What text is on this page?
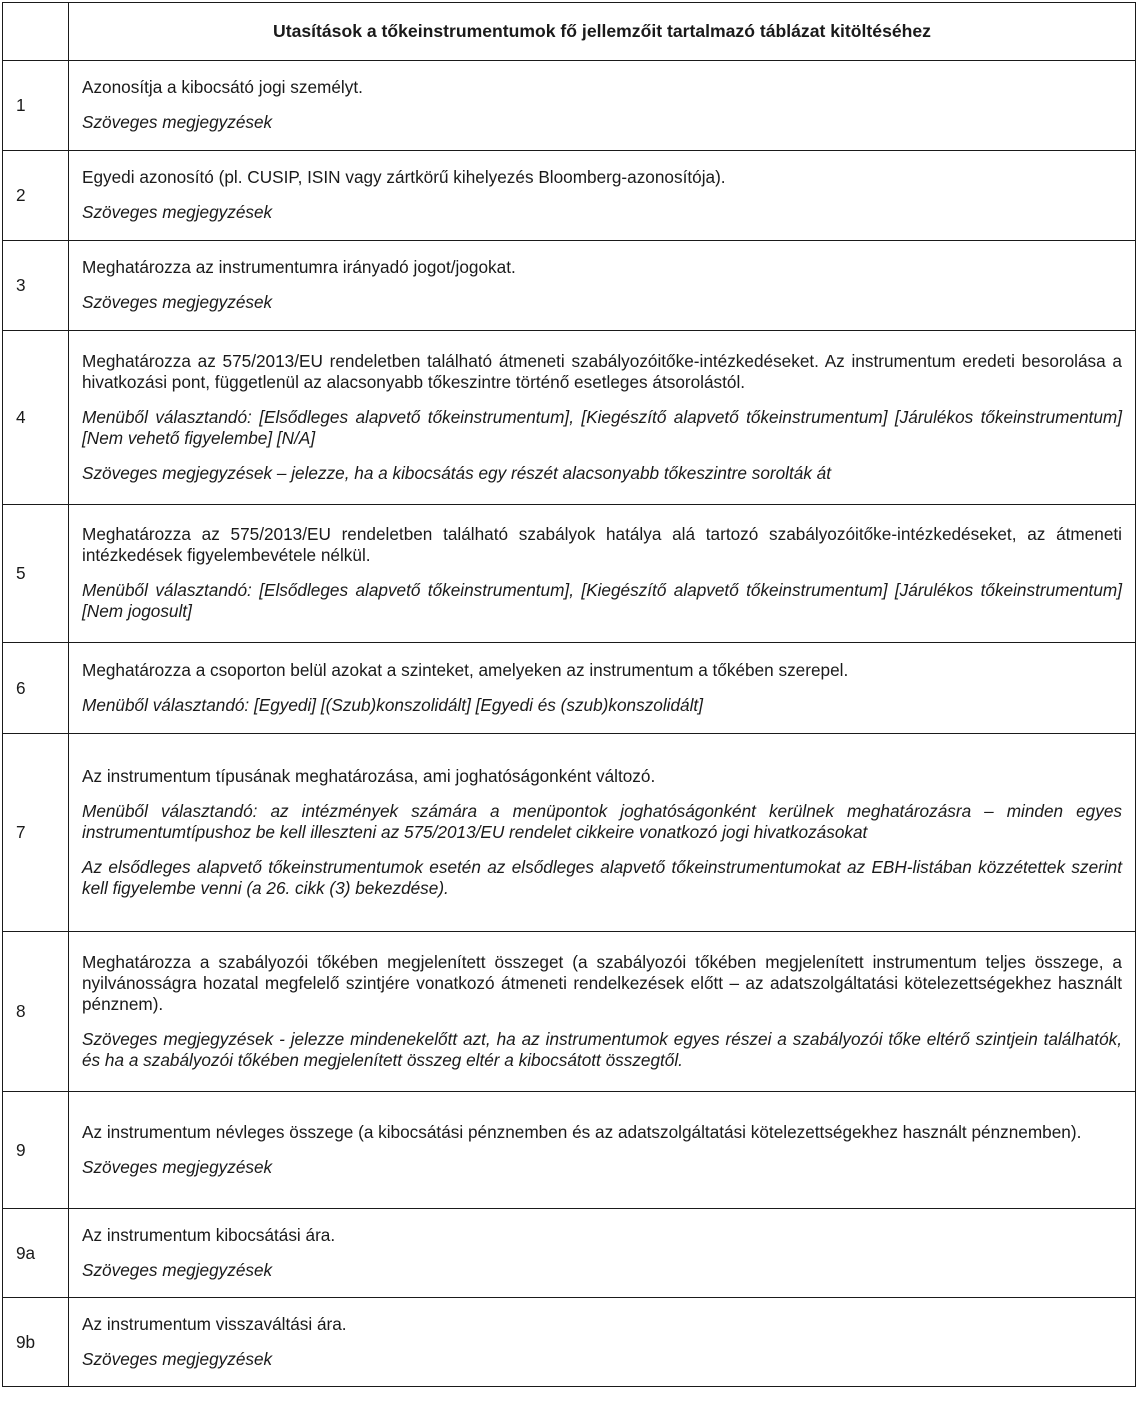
	Utasítások a tőkeinstrumentumok fő jellemzőit tartalmazó táblázat kitöltéséhez
1	Azonosítja a kibocsátó jogi személyt.

Szöveges megjegyzések

2	Egyedi azonosító (pl. CUSIP, ISIN vagy zártkörű kihelyezés Bloomberg-azonosítója).

Szöveges megjegyzések

3	Meghatározza az instrumentumra irányadó jogot/jogokat.

Szöveges megjegyzések

4	Meghatározza az 575/2013/EU rendeletben található átmeneti szabályozóitőke-intézkedéseket. Az instrumentum eredeti besorolása a hivatkozási pont, függetlenül az alacsonyabb tőkeszintre történő esetleges átsorolástól.

Menüből választandó: [Elsődleges alapvető tőkeinstrumentum], [Kiegészítő alapvető tőkeinstrumentum] [Járulékos tőkeinstrumentum] [Nem vehető figyelembe] [N/A]

Szöveges megjegyzések – jelezze, ha a kibocsátás egy részét alacsonyabb tőkeszintre sorolták át

5	Meghatározza az 575/2013/EU rendeletben található szabályok hatálya alá tartozó szabályozóitőke-intézkedéseket, az átmeneti intézkedések figyelembevétele nélkül.

Menüből választandó: [Elsődleges alapvető tőkeinstrumentum], [Kiegészítő alapvető tőkeinstrumentum] [Járulékos tőkeinstrumentum] [Nem jogosult]

6	Meghatározza a csoporton belül azokat a szinteket, amelyeken az instrumentum a tőkében szerepel.

Menüből választandó: [Egyedi] [(Szub)konszolidált] [Egyedi és (szub)konszolidált]

7	Az instrumentum típusának meghatározása, ami joghatóságonként változó.

Menüből választandó: az intézmények számára a menüpontok joghatóságonként kerülnek meghatározásra – minden egyes instrumentumtípushoz be kell illeszteni az 575/2013/EU rendelet cikkeire vonatkozó jogi hivatkozásokat

Az elsődleges alapvető tőkeinstrumentumok esetén az elsődleges alapvető tőkeinstrumentumokat az EBH-listában közzétettek szerint kell figyelembe venni (a 26. cikk (3) bekezdése).

8	Meghatározza a szabályozói tőkében megjelenített összeget (a szabályozói tőkében megjelenített instrumentum teljes összege, a nyilvánosságra hozatal megfelelő szintjére vonatkozó átmeneti rendelkezések előtt – az adatszolgáltatási kötelezettségekhez használt pénznem).

Szöveges megjegyzések - jelezze mindenekelőtt azt, ha az instrumentumok egyes részei a szabályozói tőke eltérő szintjein találhatók, és ha a szabályozói tőkében megjelenített összeg eltér a kibocsátott összegtől.

9	Az instrumentum névleges összege (a kibocsátási pénznemben és az adatszolgáltatási kötelezettségekhez használt pénznemben).

Szöveges megjegyzések

9a	Az instrumentum kibocsátási ára.

Szöveges megjegyzések

9b	Az instrumentum visszaváltási ára.

Szöveges megjegyzések
